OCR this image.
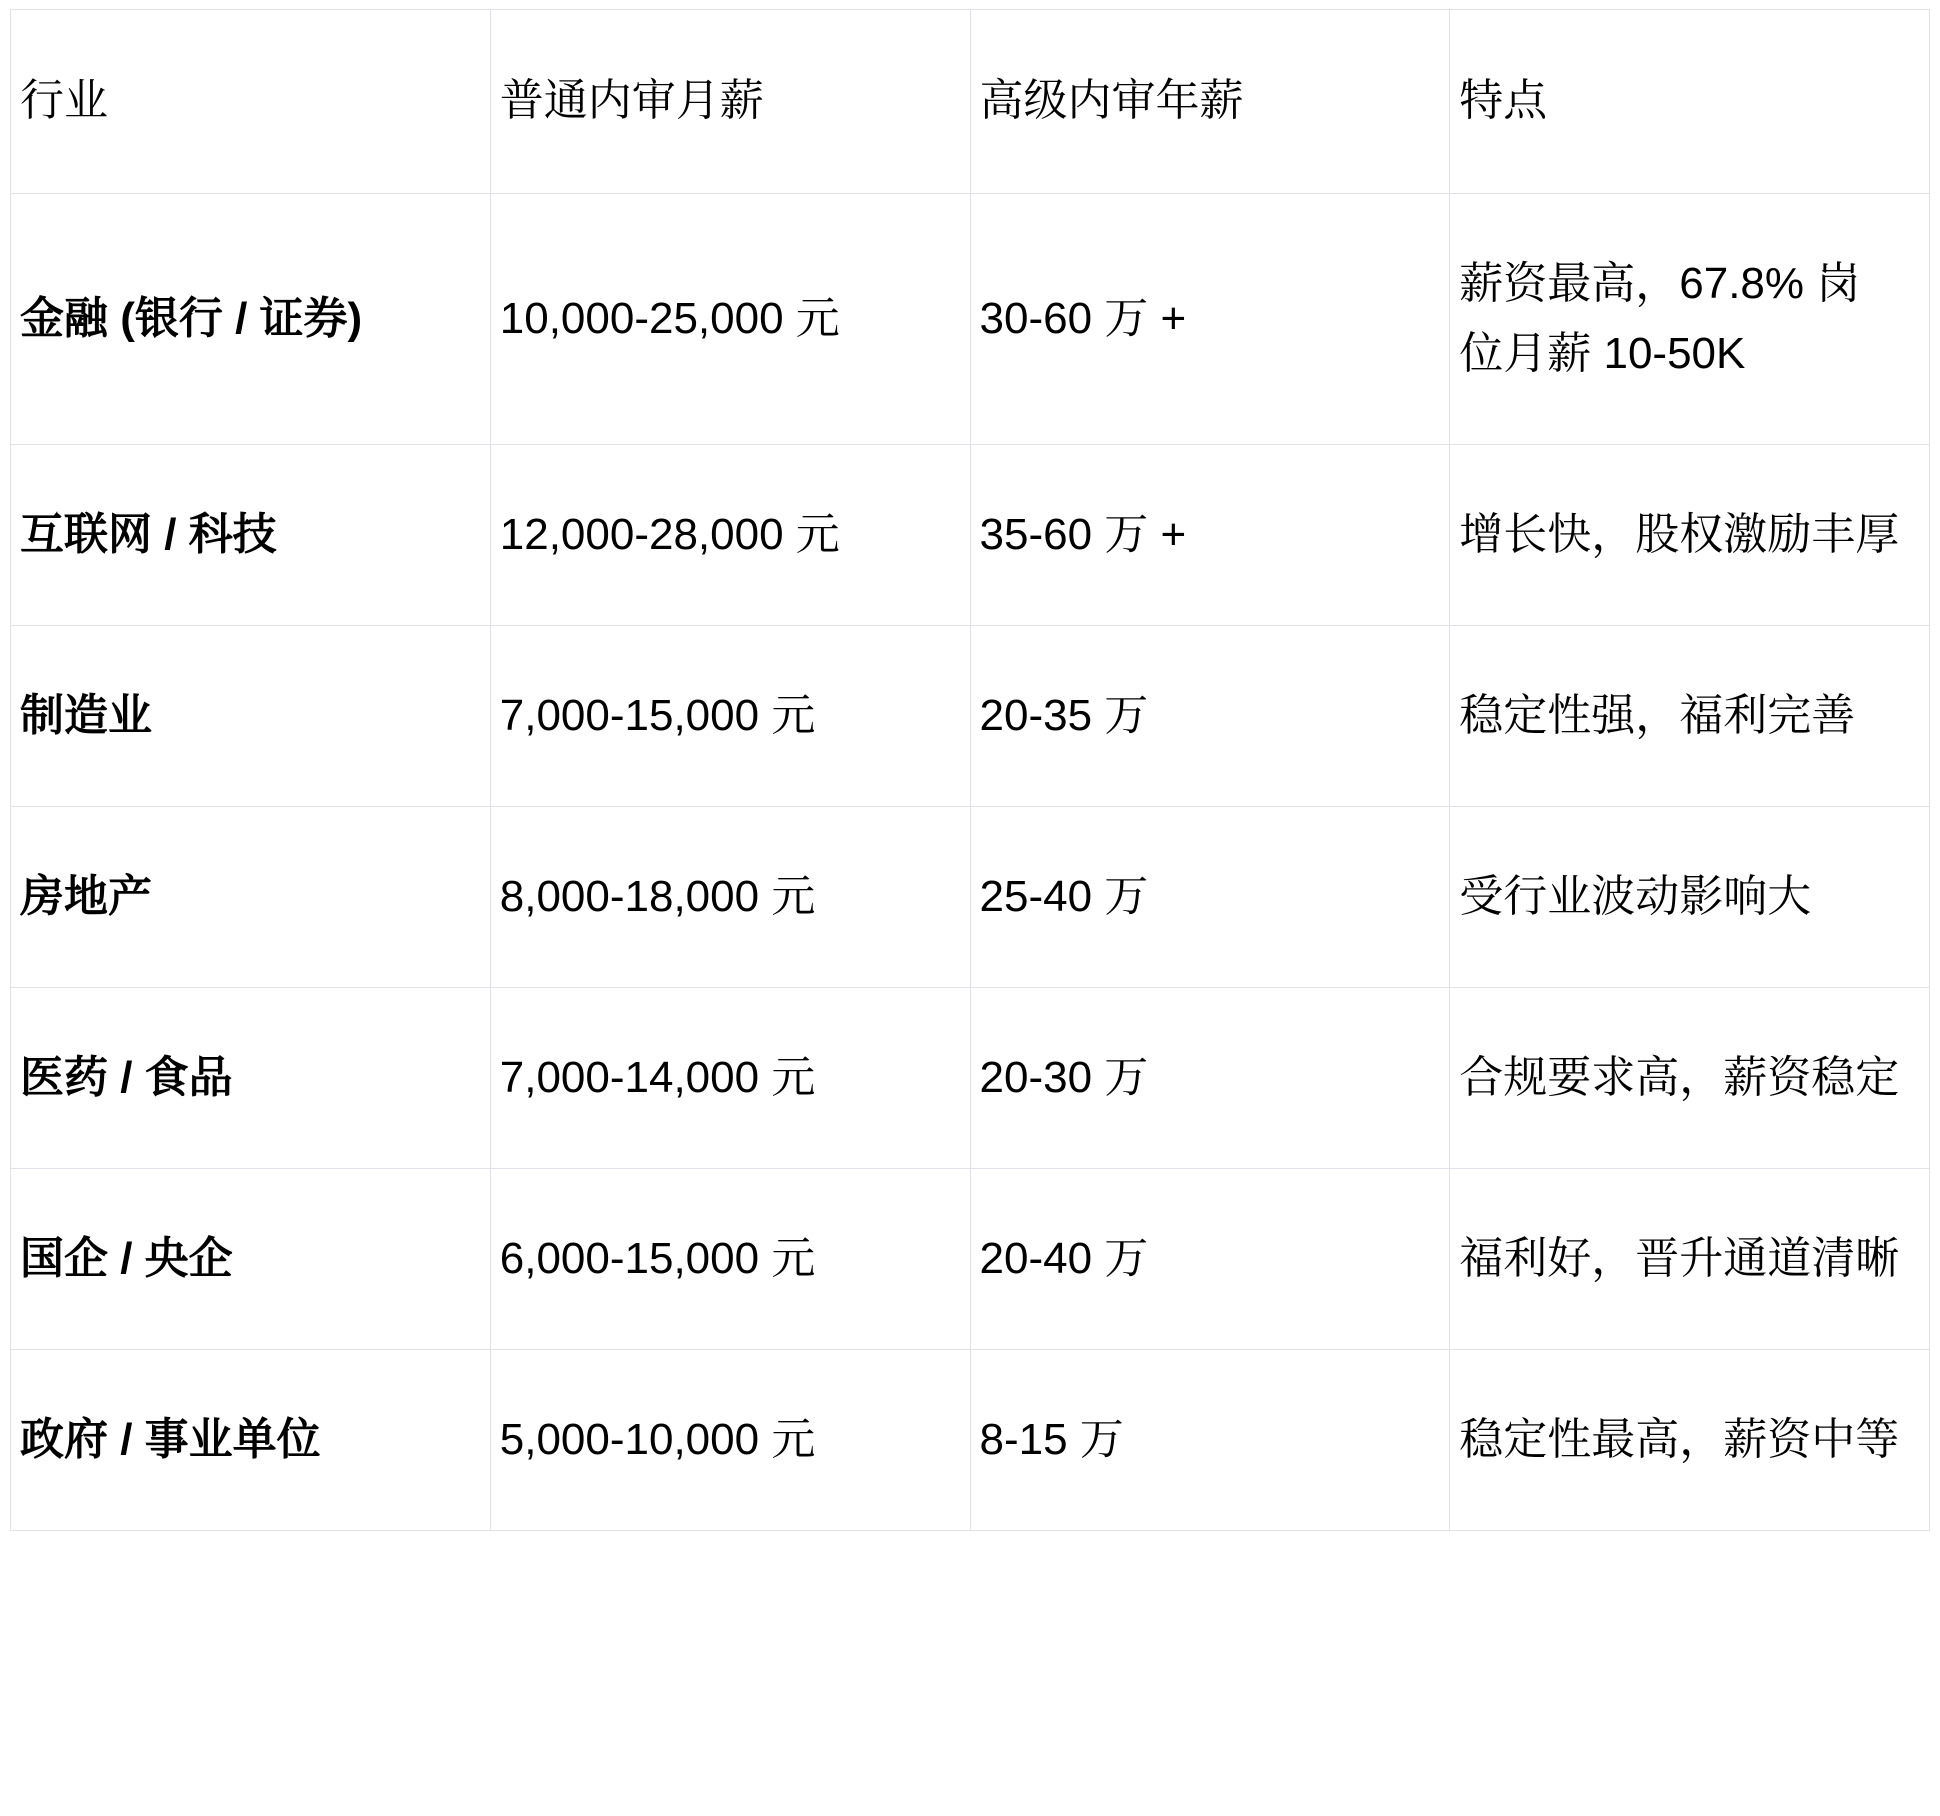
行业	普通内审月薪	高级内审年薪	特点
金融 (银行 / 证券)	10,000-25,000 元	30-60 万 +	薪资最高，67.8% 岗位月薪 10-50K
互联网 / 科技	12,000-28,000 元	35-60 万 +	增长快，股权激励丰厚
制造业	7,000-15,000 元	20-35 万	稳定性强，福利完善
房地产	8,000-18,000 元	25-40 万	受行业波动影响大
医药 / 食品	7,000-14,000 元	20-30 万	合规要求高，薪资稳定
国企 / 央企	6,000-15,000 元	20-40 万	福利好，晋升通道清晰
政府 / 事业单位	5,000-10,000 元	8-15 万	稳定性最高，薪资中等
